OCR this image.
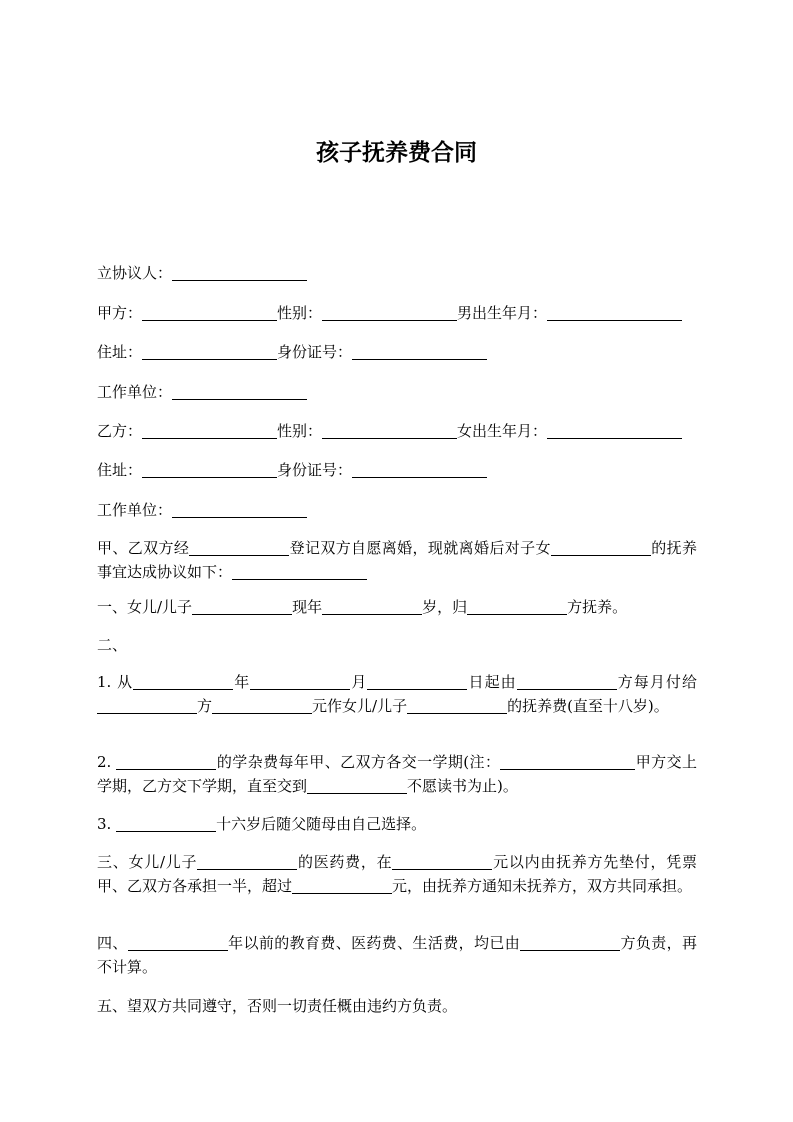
孩子抚养费合同
立协议人：
甲方：	性别：	男出生年月：
住址：	身份证号：
工作单位：
乙方：	性别：	女出生年月：
住址：	身份证号：
工作单位：
甲、乙双方经	登记双方自愿离婚，现就离婚后对子女	的抚养事宜达成协议如下：
一、女儿/儿子	现年	岁，归	方抚养。
二、
1. 从	年	月	日起由	方每月付给方	元作女儿/儿子	的抚养费(直至十八岁)。
2.	的学杂费每年甲、乙双方各交一学期(注：	甲方交上学期，乙方交下学期，直至交到	不愿读书为止)。
3.	十六岁后随父随母由自己选择。
三、女儿/儿子	的医药费，在	元以内由抚养方先垫付，凭票甲、乙双方各承担一半，超过	元，由抚养方通知未抚养方，双方共同承担。
四、	年以前的教育费、医药费、生活费，均已由	方负责，再不计算。
五、望双方共同遵守，否则一切责任概由违约方负责。
